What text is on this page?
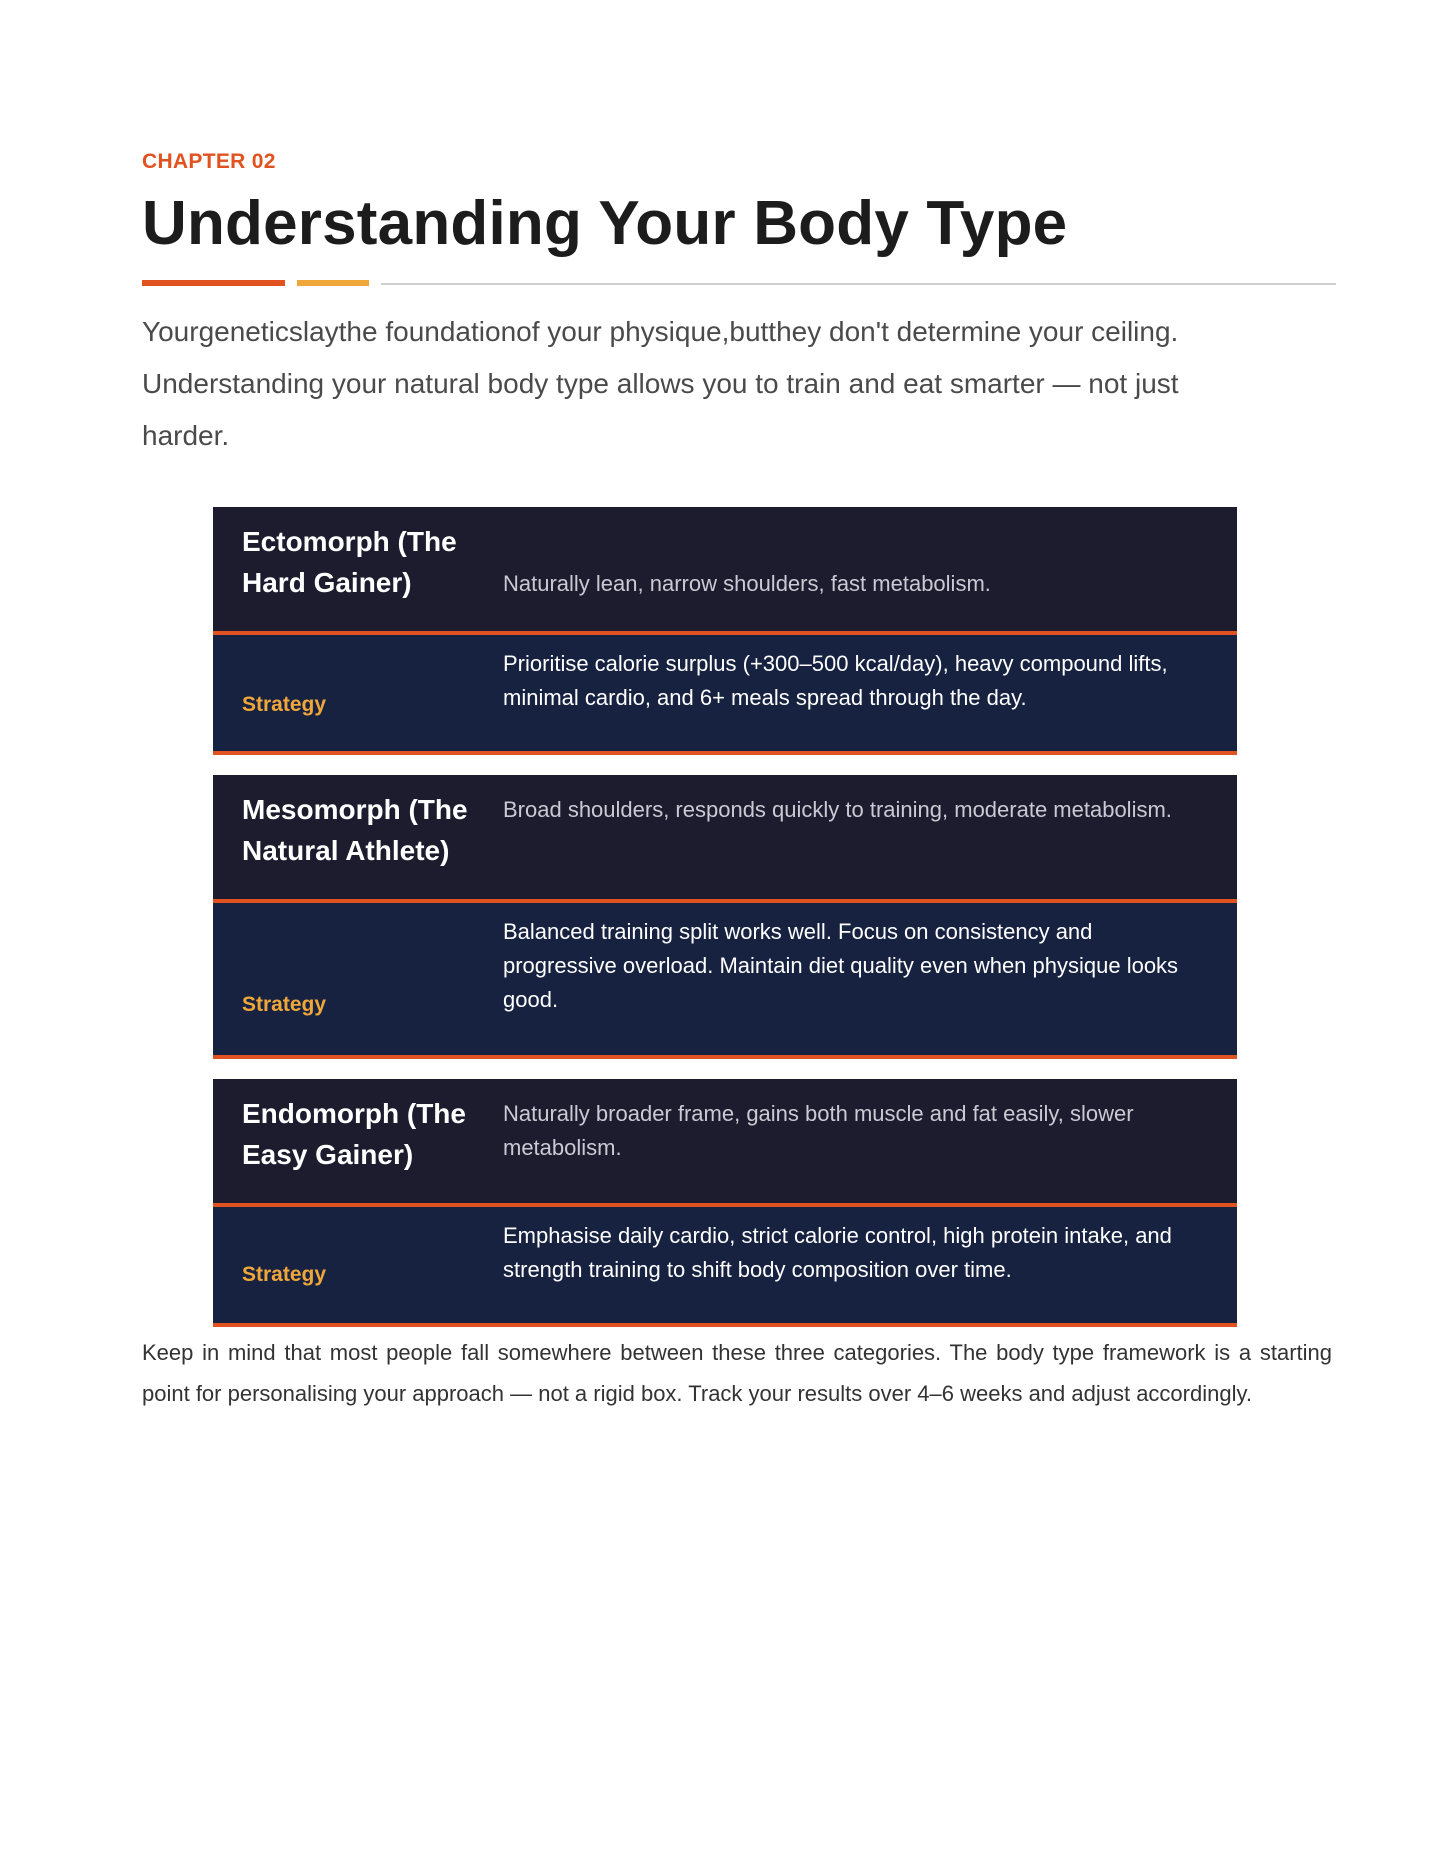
CHAPTER 02

Understanding Your Body Type

Yourgeneticslaythe foundationof your physique,butthey don't determine your ceiling. Understanding your natural body type allows you to train and eat smarter — not just harder.

Ectomorph (The Hard Gainer)	Naturally lean, narrow shoulders, fast metabolism.

Strategy

Prioritise calorie surplus (+300–500 kcal/day), heavy compound lifts, minimal cardio, and 6+ meals spread through the day.

Mesomorph (The Natural Athlete)

Broad shoulders, responds quickly to training, moderate metabolism.

Strategy

Balanced training split works well. Focus on consistency and progressive overload. Maintain diet quality even when physique looks good.

Endomorph (The Easy Gainer)

Naturally broader frame, gains both muscle and fat easily, slower metabolism.

Strategy

Emphasise daily cardio, strict calorie control, high protein intake, and strength training to shift body composition over time.

Keep in mind that most people fall somewhere between these three categories. The body type framework is a starting point for personalising your approach — not a rigid box. Track your results over 4–6 weeks and adjust accordingly.
